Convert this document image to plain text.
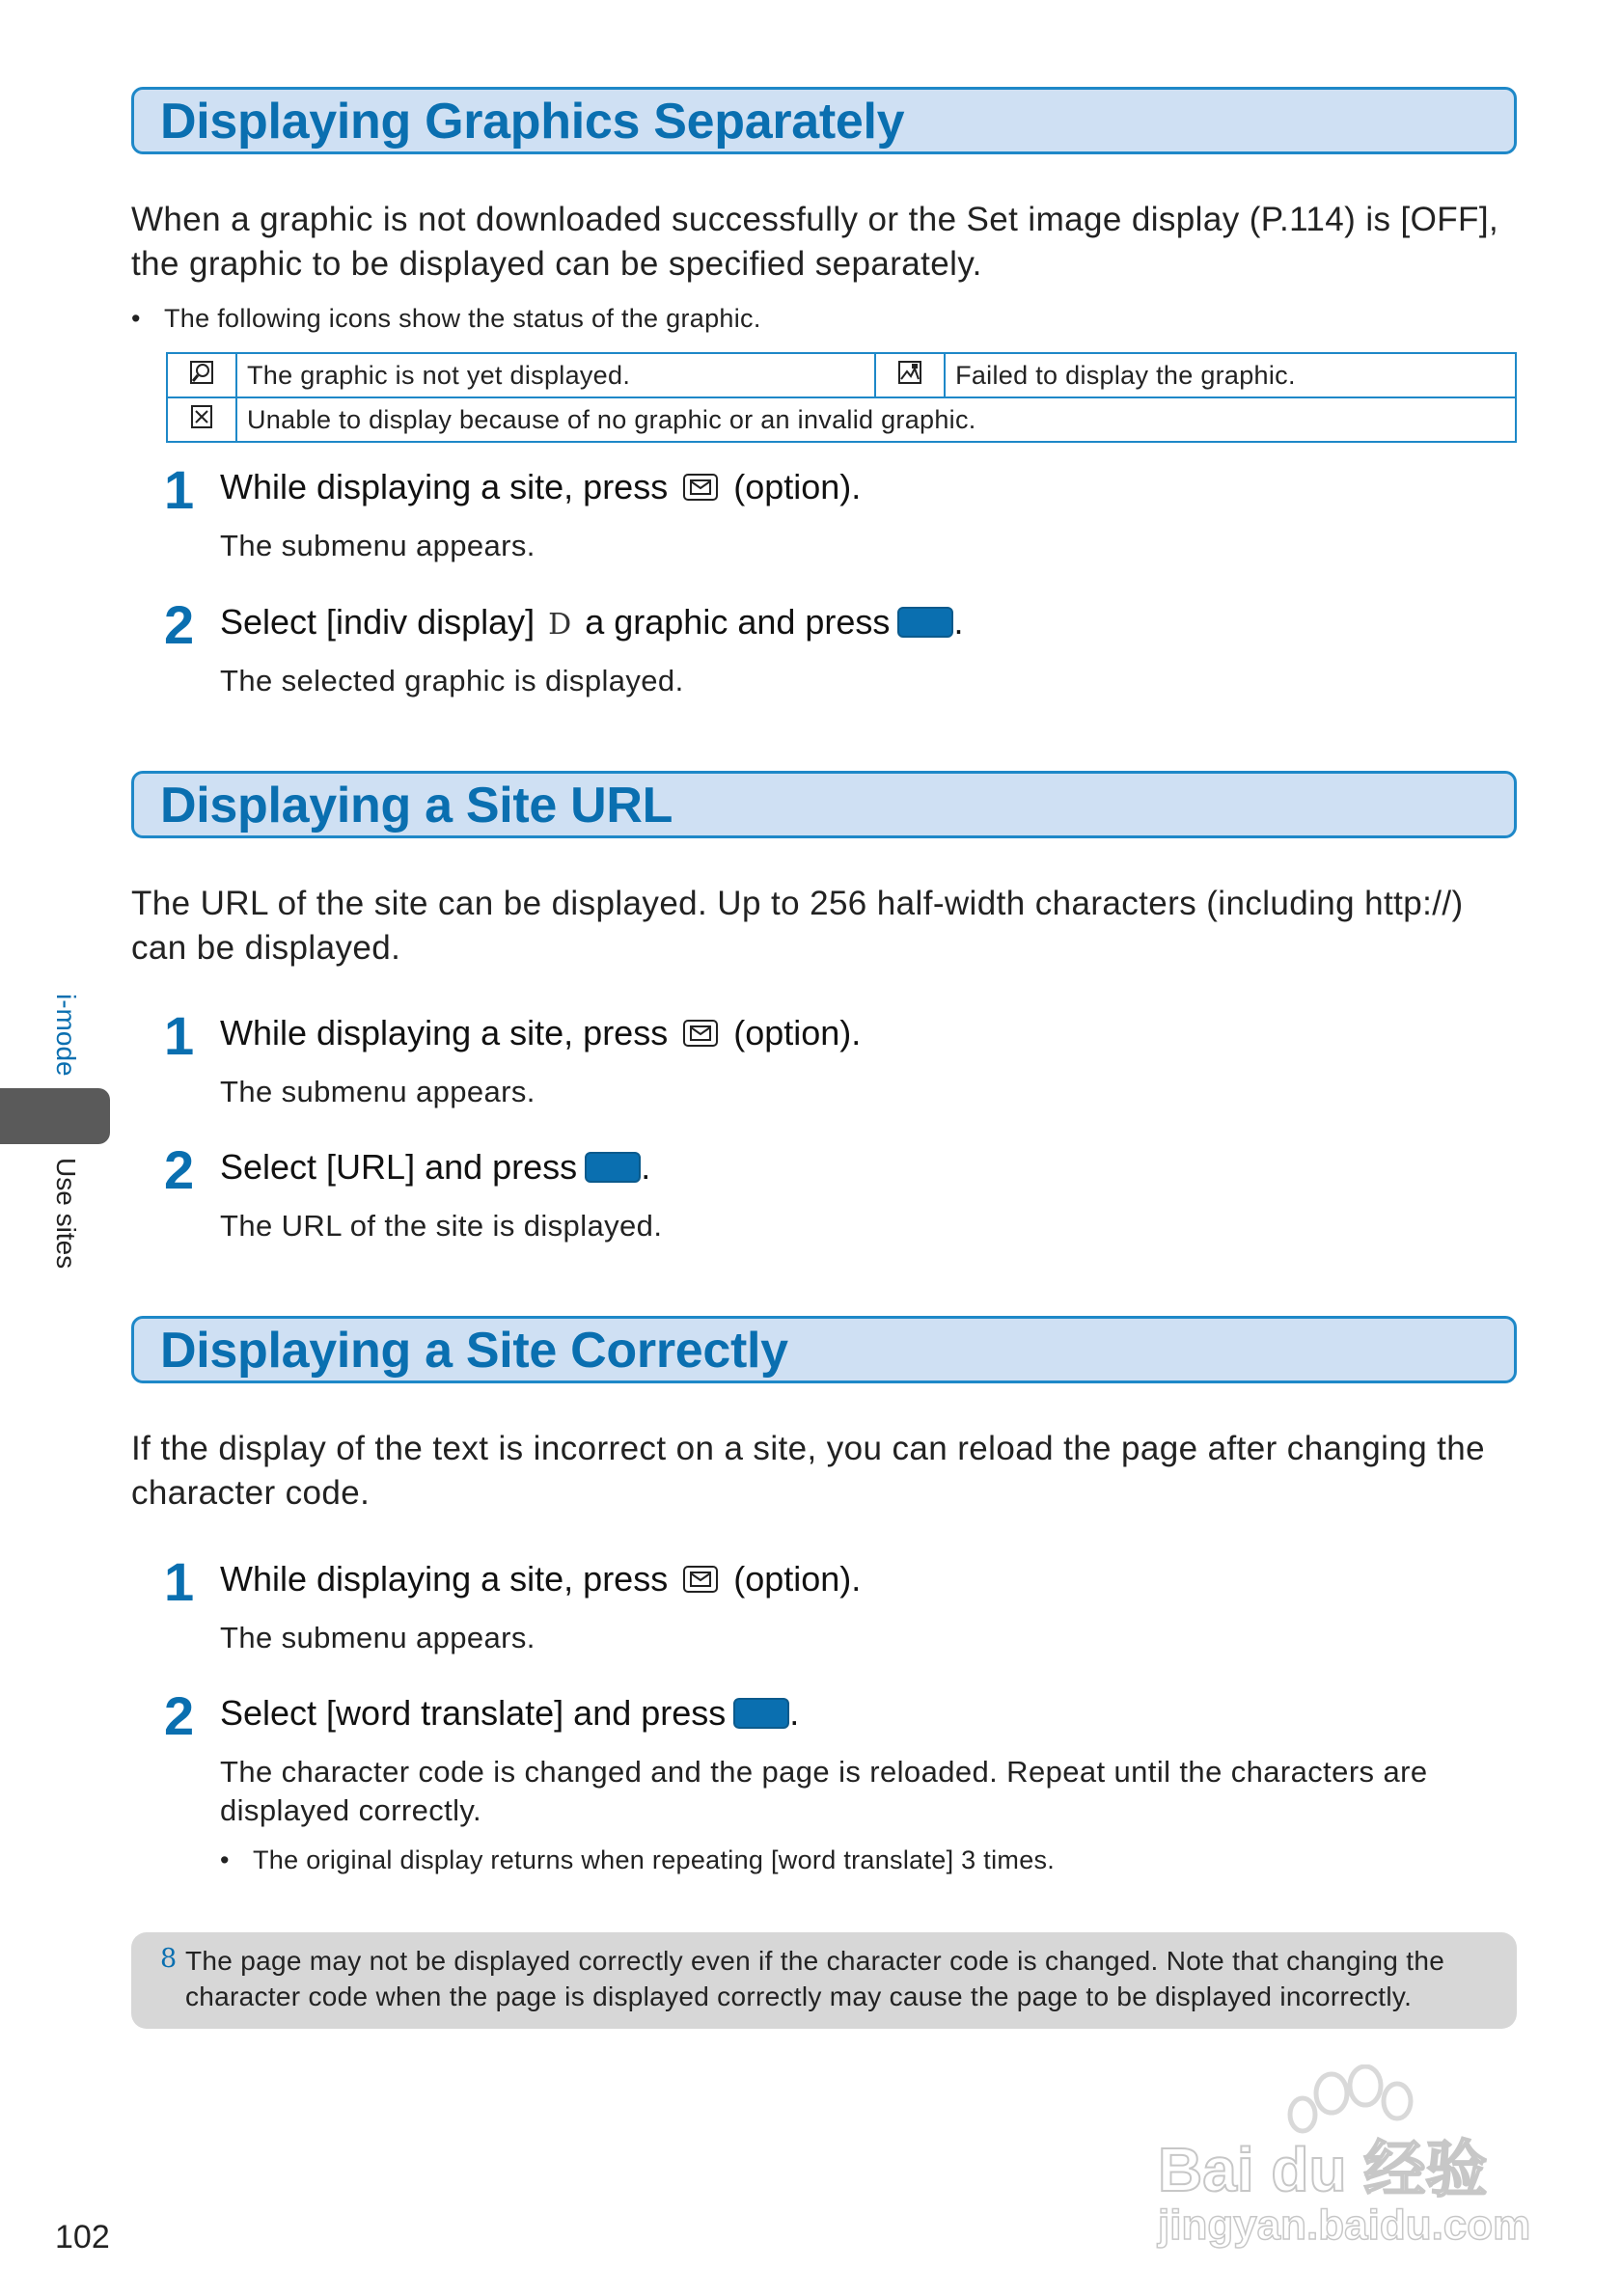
Displaying Graphics Separately
When a graphic is not downloaded successfully or the Set image display (P.114) is [OFF], the graphic to be displayed can be specified separately.
• The following icons show the status of the graphic.
	The graphic is not yet displayed.		Failed to display the graphic.
	Unable to display because of no graphic or an invalid graphic.		
1 While displaying a site, press (option).
The submenu appears.
2 Select [indiv display] D a graphic and press .
The selected graphic is displayed.
Displaying a Site URL
The URL of the site can be displayed. Up to 256 half-width characters (including http://) can be displayed.
1 While displaying a site, press (option).
The submenu appears.
2 Select [URL] and press .
The URL of the site is displayed.
Displaying a Site Correctly
If the display of the text is incorrect on a site, you can reload the page after changing the character code.
1 While displaying a site, press (option).
The submenu appears.
2 Select [word translate] and press .
The character code is changed and the page is reloaded. Repeat until the characters are displayed correctly.
• The original display returns when repeating [word translate] 3 times.
8 The page may not be displayed correctly even if the character code is changed. Note that changing the character code when the page is displayed correctly may cause the page to be displayed incorrectly.
i-mode
Use sites
102
Bai du 经验
jingyan.baidu.com
